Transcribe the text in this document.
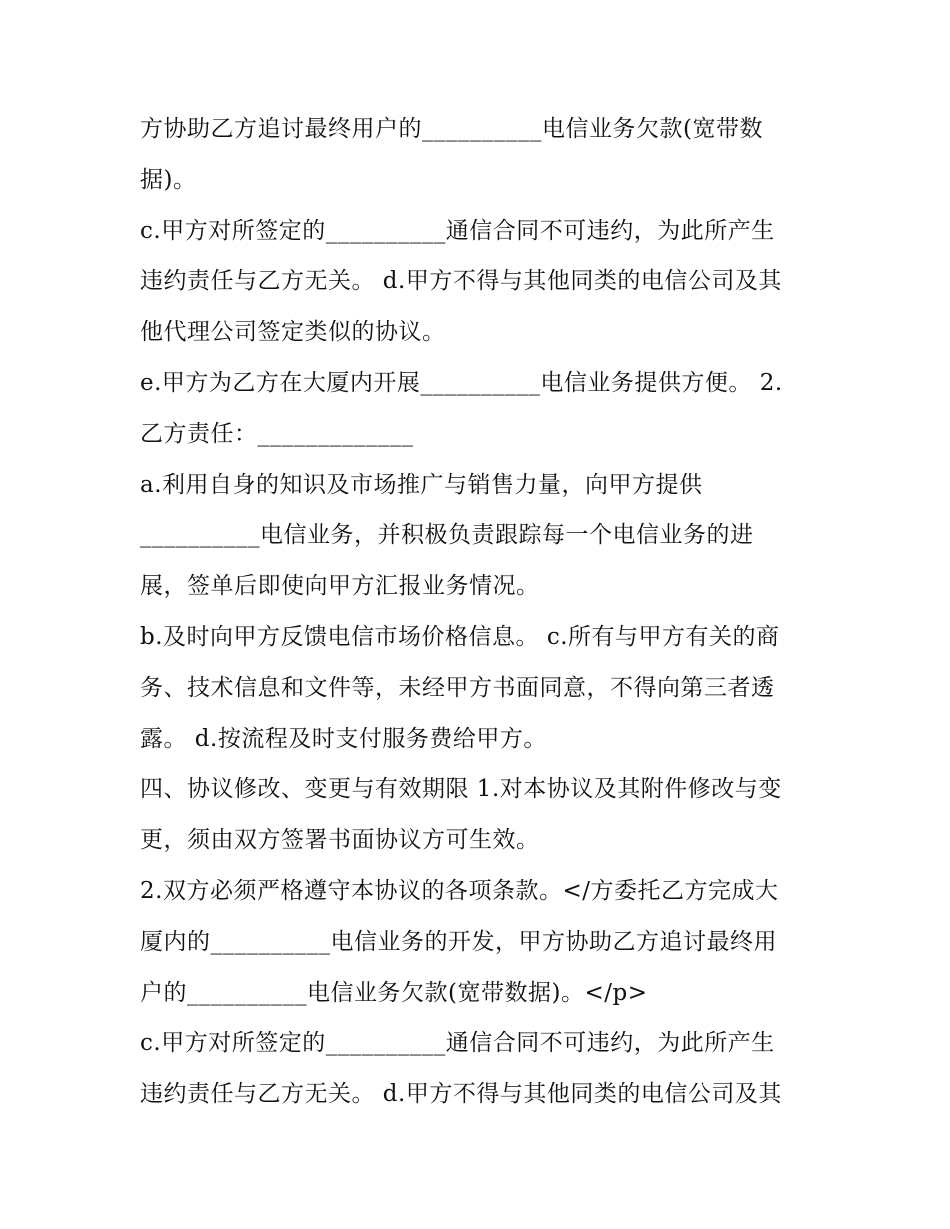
方协助乙方追讨最终用户的__________电信业务欠款(宽带数
据)。
c.甲方对所签定的__________通信合同不可违约，为此所产生
违约责任与乙方无关。 d.甲方不得与其他同类的电信公司及其
他代理公司签定类似的协议。
e.甲方为乙方在大厦内开展__________电信业务提供方便。 2.
乙方责任：_____________
a.利用自身的知识及市场推广与销售力量，向甲方提供
__________电信业务，并积极负责跟踪每一个电信业务的进
展，签单后即使向甲方汇报业务情况。
b.及时向甲方反馈电信市场价格信息。 c.所有与甲方有关的商
务、技术信息和文件等，未经甲方书面同意，不得向第三者透
露。 d.按流程及时支付服务费给甲方。
四、协议修改、变更与有效期限 1.对本协议及其附件修改与变
更，须由双方签署书面协议方可生效。
2.双方必须严格遵守本协议的各项条款。</方委托乙方完成大
厦内的__________电信业务的开发，甲方协助乙方追讨最终用
户的__________电信业务欠款(宽带数据)。</p>
c.甲方对所签定的__________通信合同不可违约，为此所产生
违约责任与乙方无关。 d.甲方不得与其他同类的电信公司及其
